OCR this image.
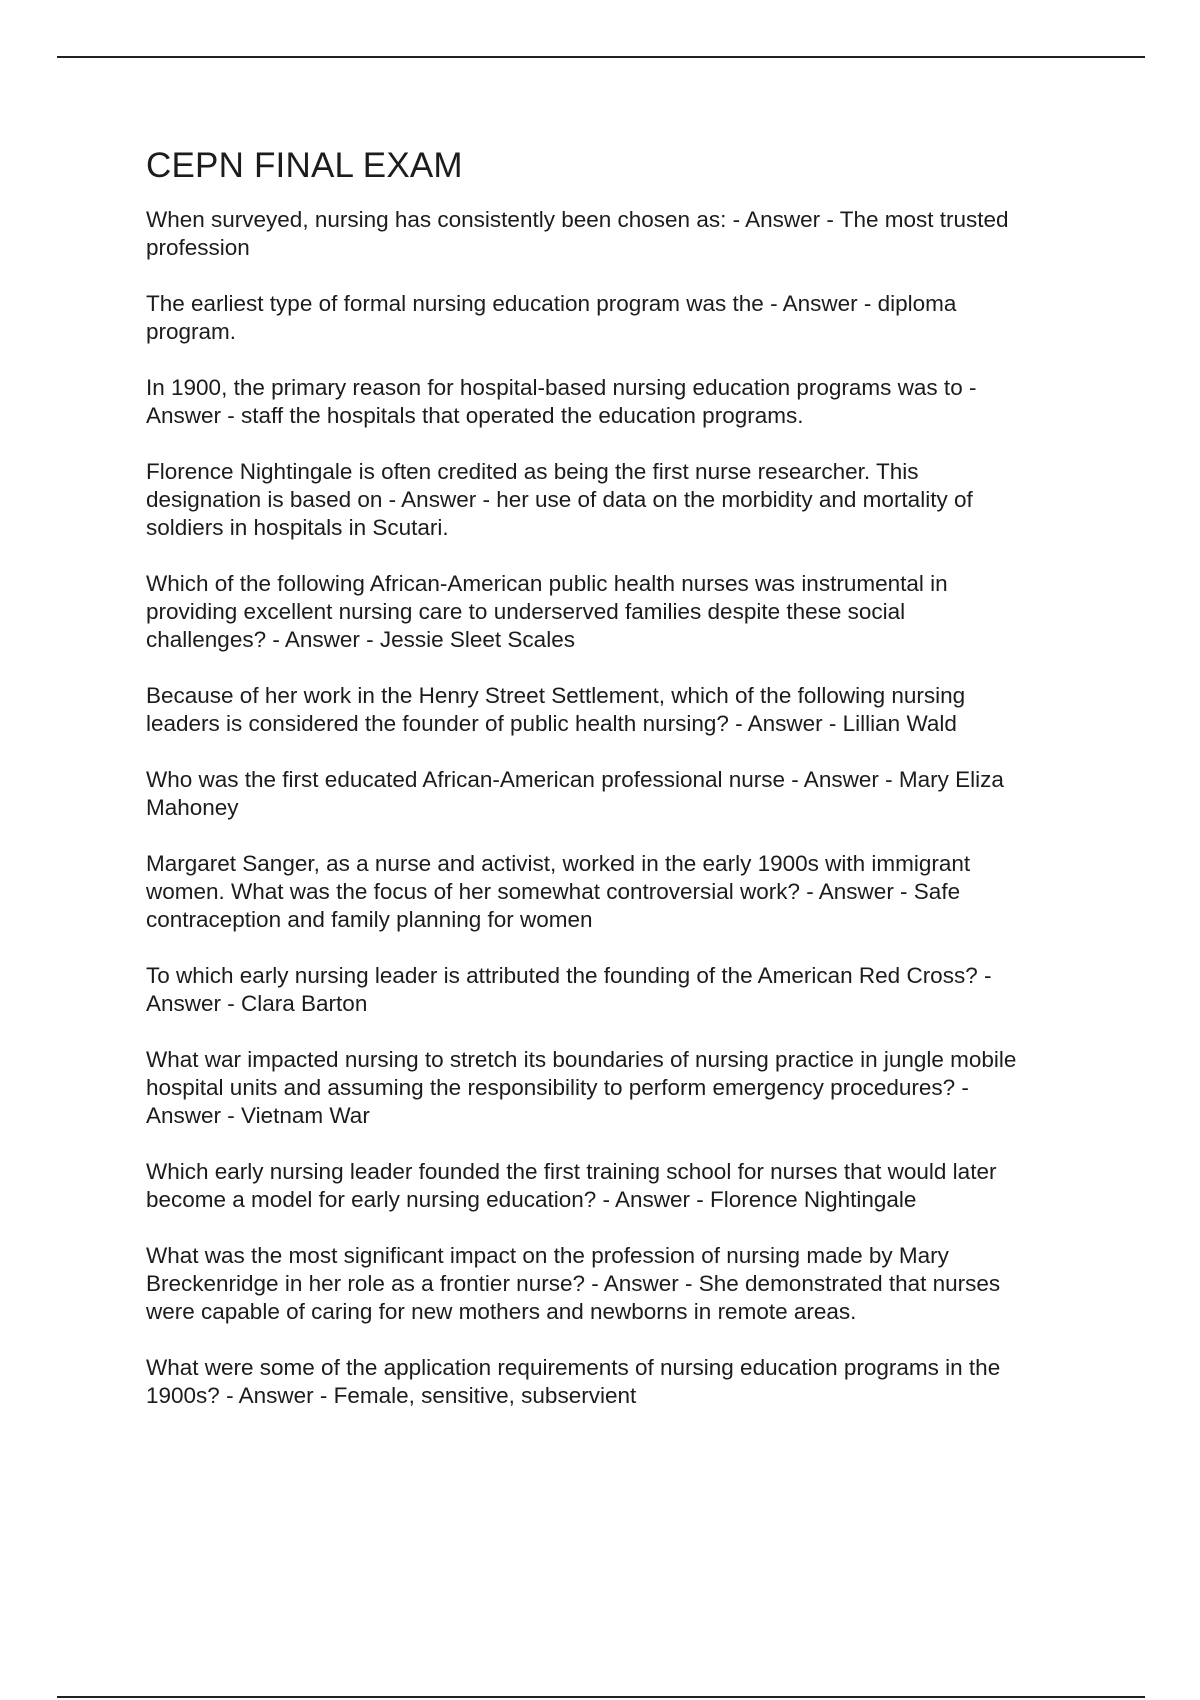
CEPN FINAL EXAM
When surveyed, nursing has consistently been chosen as: - Answer - The most trusted
profession
The earliest type of formal nursing education program was the - Answer - diploma
program.
In 1900, the primary reason for hospital-based nursing education programs was to -
Answer - staff the hospitals that operated the education programs.
Florence Nightingale is often credited as being the first nurse researcher. This
designation is based on - Answer - her use of data on the morbidity and mortality of
soldiers in hospitals in Scutari.
Which of the following African-American public health nurses was instrumental in
providing excellent nursing care to underserved families despite these social
challenges? - Answer - Jessie Sleet Scales
Because of her work in the Henry Street Settlement, which of the following nursing
leaders is considered the founder of public health nursing? - Answer - Lillian Wald
Who was the first educated African-American professional nurse - Answer - Mary Eliza
Mahoney
Margaret Sanger, as a nurse and activist, worked in the early 1900s with immigrant
women. What was the focus of her somewhat controversial work? - Answer - Safe
contraception and family planning for women
To which early nursing leader is attributed the founding of the American Red Cross? -
Answer - Clara Barton
What war impacted nursing to stretch its boundaries of nursing practice in jungle mobile
hospital units and assuming the responsibility to perform emergency procedures? -
Answer - Vietnam War
Which early nursing leader founded the first training school for nurses that would later
become a model for early nursing education? - Answer - Florence Nightingale
What was the most significant impact on the profession of nursing made by Mary
Breckenridge in her role as a frontier nurse? - Answer - She demonstrated that nurses
were capable of caring for new mothers and newborns in remote areas.
What were some of the application requirements of nursing education programs in the
1900s? - Answer - Female, sensitive, subservient
